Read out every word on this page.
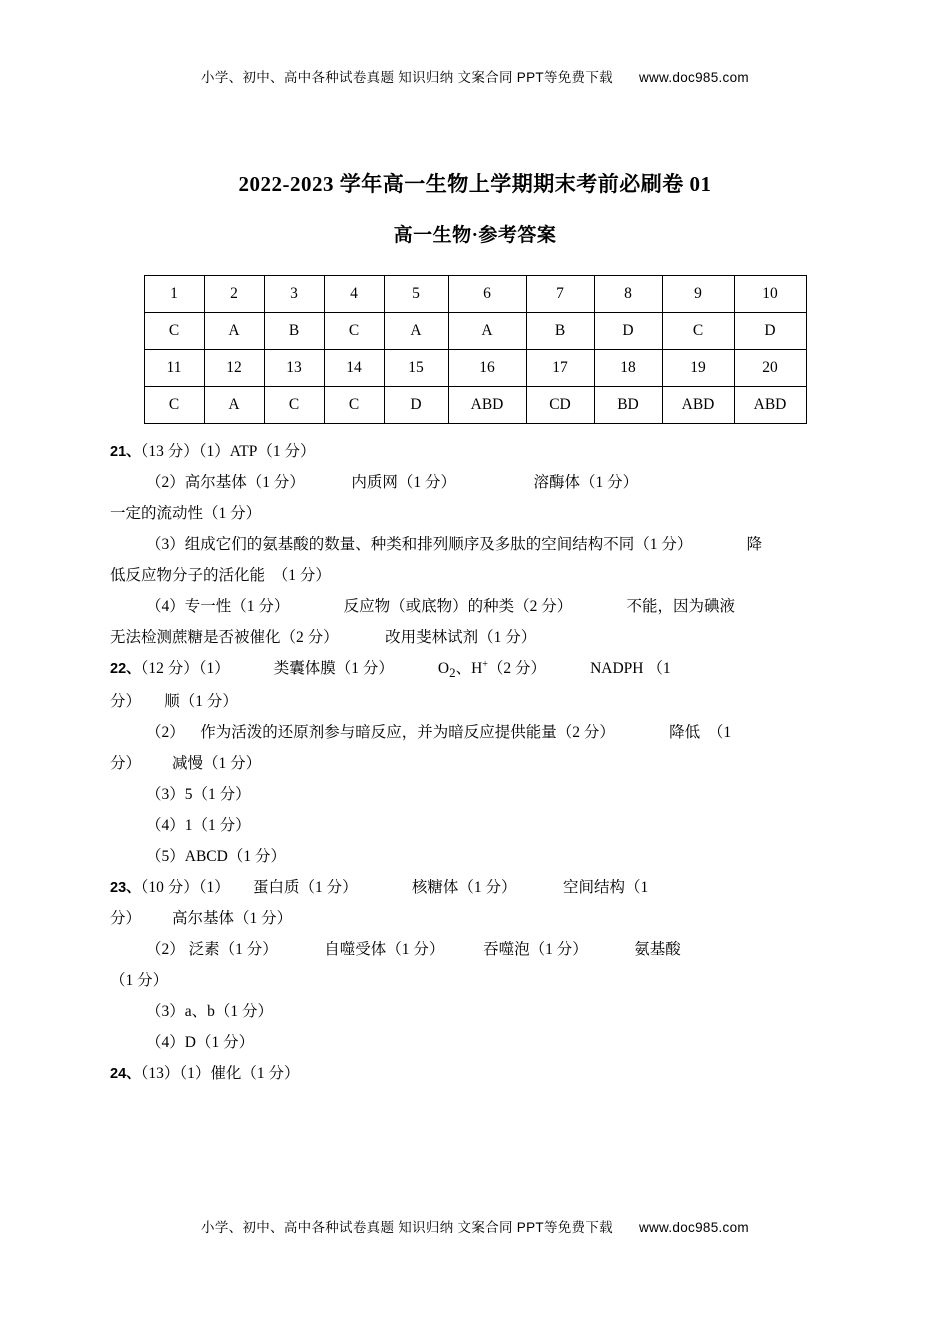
小学、初中、高中各种试卷真题 知识归纳 文案合同 PPT等免费下载 www.doc985.com
2022-2023 学年高一生物上学期期末考前必刷卷 01
高一生物·参考答案
1	2	3	4	5	6	7	8	9	10
C	A	B	C	A	A	B	D	C	D
11	12	13	14	15	16	17	18	19	20
C	A	C	C	D	ABD	CD	BD	ABD	ABD

21、（13 分）（1）ATP（1 分）

（2）高尔基体（1 分）            内质网（1 分）                    溶酶体（1 分）

一定的流动性（1 分）

（3）组成它们的氨基酸的数量、种类和排列顺序及多肽的空间结构不同（1 分）              降

低反应物分子的活化能  （1 分）

（4）专一性（1 分）              反应物（或底物）的种类（2 分）              不能，因为碘液

无法检测蔗糖是否被催化（2 分）            改用斐林试剂（1 分）

22、（12 分）（1）	类囊体膜（1 分）	$O_2$、H+（2 分）	NADPH （1

分）      顺（1 分）

（2）    作为活泼的还原剂参与暗反应，并为暗反应提供能量（2 分）              降低  （1

分）        减慢（1 分）

（3）5（1 分）

（4）1（1 分）

（5）ABCD（1 分）

23、（10 分）（1）      蛋白质（1 分）              核糖体（1 分）            空间结构（1

分）        高尔基体（1 分）

（2） 泛素（1 分）            自噬受体（1 分）          吞噬泡（1 分）            氨基酸

（1 分）

（3）a、b（1 分）

（4）D（1 分）

24、（13）（1）催化（1 分）

小学、初中、高中各种试卷真题 知识归纳 文案合同 PPT等免费下载 www.doc985.com
